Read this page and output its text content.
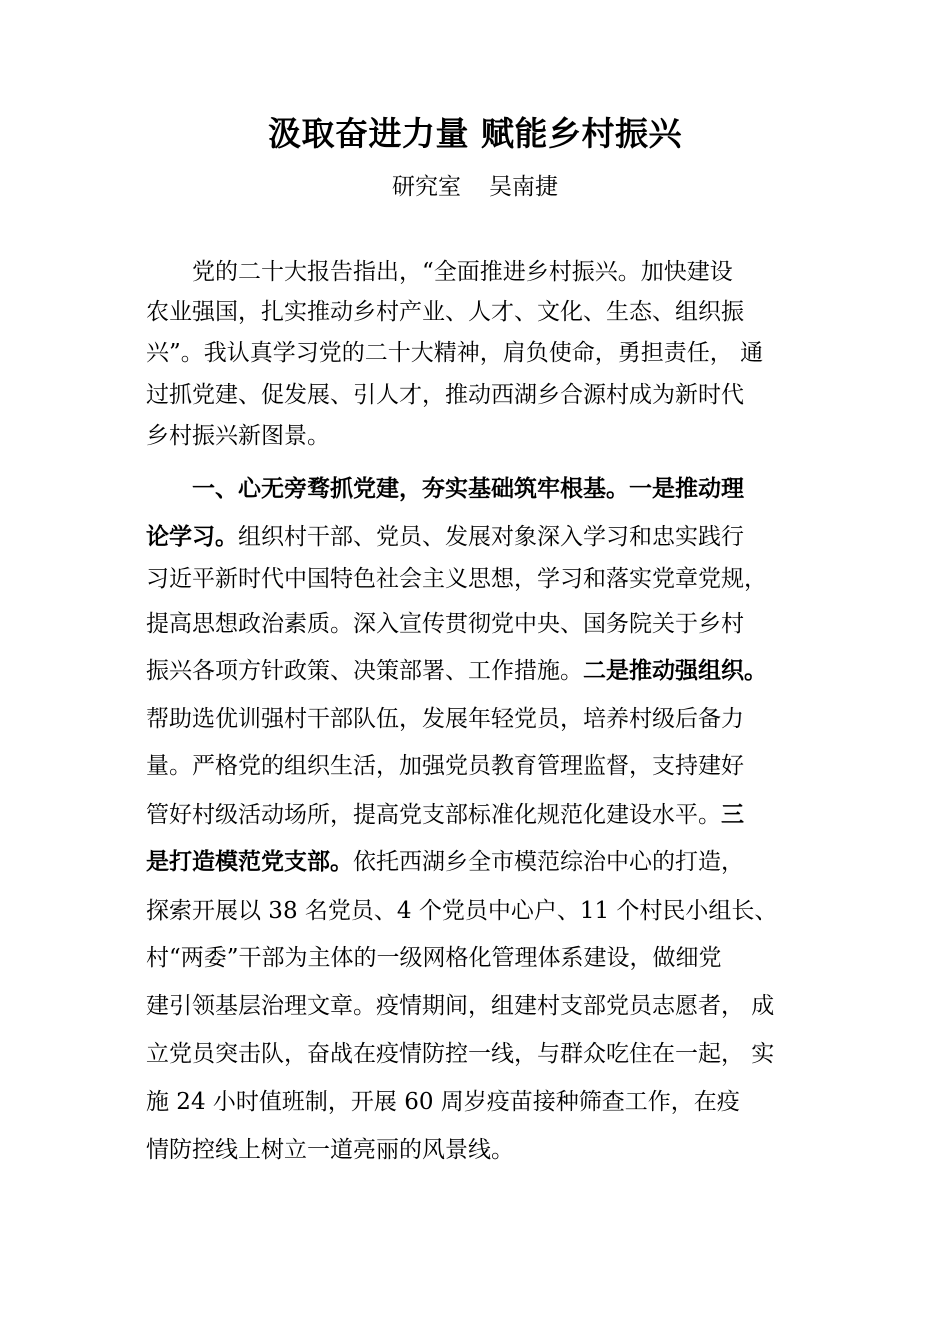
汲取奋进力量 赋能乡村振兴
研究室 吴南捷
党的二十大报告指出，“全面推进乡村振兴。加快建设
农业强国，扎实推动乡村产业、人才、文化、生态、组织振
兴”。我认真学习党的二十大精神，肩负使命，勇担责任， 通
过抓党建、促发展、引人才，推动西湖乡合源村成为新时代
乡村振兴新图景。
一、心无旁骛抓党建，夯实基础筑牢根基。一是推动理
论学习。组织村干部、党员、发展对象深入学习和忠实践行
习近平新时代中国特色社会主义思想，学习和落实党章党规，
提高思想政治素质。深入宣传贯彻党中央、国务院关于乡村
振兴各项方针政策、决策部署、工作措施。二是推动强组织。
帮助选优训强村干部队伍，发展年轻党员，培养村级后备力
量。严格党的组织生活，加强党员教育管理监督，支持建好
管好村级活动场所，提高党支部标准化规范化建设水平。三
是打造模范党支部。依托西湖乡全市模范综治中心的打造，
探索开展以 38 名党员、4 个党员中心户、11 个村民小组长、
村“两委”干部为主体的一级网格化管理体系建设，做细党
建引领基层治理文章。疫情期间，组建村支部党员志愿者， 成
立党员突击队，奋战在疫情防控一线，与群众吃住在一起， 实
施 24 小时值班制，开展 60 周岁疫苗接种筛查工作，在疫
情防控线上树立一道亮丽的风景线。
